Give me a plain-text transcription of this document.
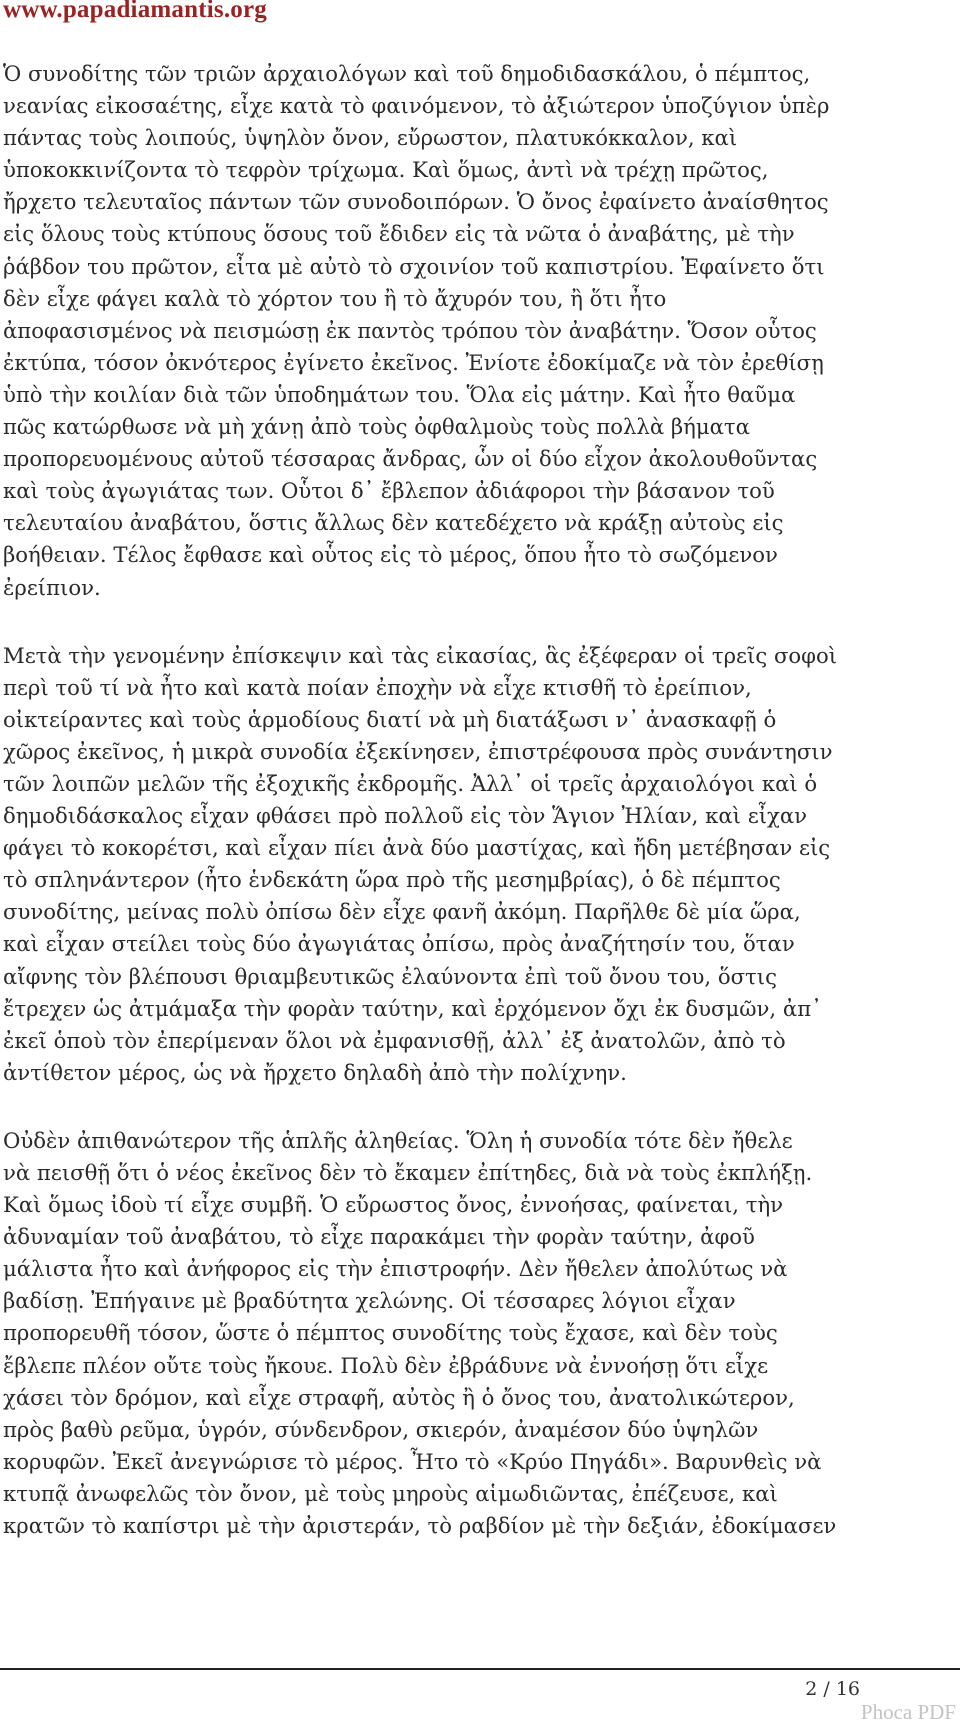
www.papadiamantis.org

Ὁ συνοδίτης τῶν τριῶν ἀρχαιολόγων καὶ τοῦ δημοδιδασκάλου, ὁ πέμπτος,
νεανίας εἰκοσαέτης, εἶχε κατὰ τὸ φαινόμενον, τὸ ἀξιώτερον ὑποζύγιον ὑπὲρ
πάντας τοὺς λοιπούς, ὑψηλὸν ὄνον, εὔρωστον, πλατυκόκκαλον, καὶ
ὑποκοκκινίζοντα τὸ τεφρὸν τρίχωμα. Καὶ ὅμως, ἀντὶ νὰ τρέχῃ πρῶτος,
ἤρχετο τελευταῖος πάντων τῶν συνοδοιπόρων. Ὁ ὄνος ἐφαίνετο ἀναίσθητος
εἰς ὅλους τοὺς κτύπους ὅσους τοῦ ἔδιδεν εἰς τὰ νῶτα ὁ ἀναβάτης, μὲ τὴν
ῥάβδον του πρῶτον, εἶτα μὲ αὐτὸ τὸ σχοινίον τοῦ καπιστρίου. Ἐφαίνετο ὅτι
δὲν εἶχε φάγει καλὰ τὸ χόρτον του ἢ τὸ ἄχυρόν του, ἢ ὅτι ἦτο
ἀποφασισμένος νὰ πεισμώσῃ ἐκ παντὸς τρόπου τὸν ἀναβάτην. Ὅσον οὗτος
ἐκτύπα, τόσον ὀκνότερος ἐγίνετο ἐκεῖνος. Ἐνίοτε ἐδοκίμαζε νὰ τὸν ἐρεθίσῃ
ὑπὸ τὴν κοιλίαν διὰ τῶν ὑποδημάτων του. Ὅλα εἰς μάτην. Καὶ ἦτο θαῦμα
πῶς κατώρθωσε νὰ μὴ χάνῃ ἀπὸ τοὺς ὀφθαλμοὺς τοὺς πολλὰ βήματα
προπορευομένους αὐτοῦ τέσσαρας ἄνδρας, ὧν οἱ δύο εἶχον ἀκολουθοῦντας
καὶ τοὺς ἀγωγιάτας των. Οὗτοι δ᾽ ἔβλεπον ἀδιάφοροι τὴν βάσανον τοῦ
τελευταίου ἀναβάτου, ὅστις ἄλλως δὲν κατεδέχετο νὰ κράξῃ αὐτοὺς εἰς
βοήθειαν. Τέλος ἔφθασε καὶ οὗτος εἰς τὸ μέρος, ὅπου ἦτο τὸ σωζόμενον
ἐρείπιον.

Μετὰ τὴν γενομένην ἐπίσκεψιν καὶ τὰς εἰκασίας, ἃς ἐξέφεραν οἱ τρεῖς σοφοὶ
περὶ τοῦ τί νὰ ἦτο καὶ κατὰ ποίαν ἐποχὴν νὰ εἶχε κτισθῆ τὸ ἐρείπιον,
οἰκτείραντες καὶ τοὺς ἁρμοδίους διατί νὰ μὴ διατάξωσι ν᾽ ἀνασκαφῇ ὁ
χῶρος ἐκεῖνος, ἡ μικρὰ συνοδία ἐξεκίνησεν, ἐπιστρέφουσα πρὸς συνάντησιν
τῶν λοιπῶν μελῶν τῆς ἐξοχικῆς ἐκδρομῆς. Ἀλλ᾽ οἱ τρεῖς ἀρχαιολόγοι καὶ ὁ
δημοδιδάσκαλος εἶχαν φθάσει πρὸ πολλοῦ εἰς τὸν Ἅγιον Ἠλίαν, καὶ εἶχαν
φάγει τὸ κοκορέτσι, καὶ εἶχαν πίει ἀνὰ δύο μαστίχας, καὶ ἤδη μετέβησαν εἰς
τὸ σπληνάντερον (ἦτο ἑνδεκάτη ὥρα πρὸ τῆς μεσημβρίας), ὁ δὲ πέμπτος
συνοδίτης, μείνας πολὺ ὀπίσω δὲν εἶχε φανῆ ἀκόμη. Παρῆλθε δὲ μία ὥρα,
καὶ εἶχαν στείλει τοὺς δύο ἀγωγιάτας ὀπίσω, πρὸς ἀναζήτησίν του, ὅταν
αἴφνης τὸν βλέπουσι θριαμβευτικῶς ἐλαύνοντα ἐπὶ τοῦ ὄνου του, ὅστις
ἔτρεχεν ὡς ἀτμάμαξα τὴν φορὰν ταύτην, καὶ ἐρχόμενον ὄχι ἐκ δυσμῶν, ἀπ᾽
ἐκεῖ ὁποὺ τὸν ἐπερίμεναν ὅλοι νὰ ἐμφανισθῇ, ἀλλ᾽ ἐξ ἀνατολῶν, ἀπὸ τὸ
ἀντίθετον μέρος, ὡς νὰ ἤρχετο δηλαδὴ ἀπὸ τὴν πολίχνην.

Οὐδὲν ἀπιθανώτερον τῆς ἁπλῆς ἀληθείας. Ὅλη ἡ συνοδία τότε δὲν ἤθελε
νὰ πεισθῇ ὅτι ὁ νέος ἐκεῖνος δὲν τὸ ἔκαμεν ἐπίτηδες, διὰ νὰ τοὺς ἐκπλήξῃ.
Καὶ ὅμως ἰδοὺ τί εἶχε συμβῆ. Ὁ εὔρωστος ὄνος, ἐννοήσας, φαίνεται, τὴν
ἀδυναμίαν τοῦ ἀναβάτου, τὸ εἶχε παρακάμει τὴν φορὰν ταύτην, ἀφοῦ
μάλιστα ἦτο καὶ ἀνήφορος εἰς τὴν ἐπιστροφήν. Δὲν ἤθελεν ἀπολύτως νὰ
βαδίσῃ. Ἐπήγαινε μὲ βραδύτητα χελώνης. Οἱ τέσσαρες λόγιοι εἶχαν
προπορευθῆ τόσον, ὥστε ὁ πέμπτος συνοδίτης τοὺς ἔχασε, καὶ δὲν τοὺς
ἔβλεπε πλέον οὔτε τοὺς ἤκουε. Πολὺ δὲν ἐβράδυνε νὰ ἐννοήσῃ ὅτι εἶχε
χάσει τὸν δρόμον, καὶ εἶχε στραφῆ, αὐτὸς ἢ ὁ ὄνος του, ἀνατολικώτερον,
πρὸς βαθὺ ρεῦμα, ὑγρόν, σύνδενδρον, σκιερόν, ἀναμέσον δύο ὑψηλῶν
κορυφῶν. Ἐκεῖ ἀνεγνώρισε τὸ μέρος. Ἦτο τὸ «Κρύο Πηγάδι». Βαρυνθεὶς νὰ
κτυπᾷ ἀνωφελῶς τὸν ὄνον, μὲ τοὺς μηροὺς αἱμωδιῶντας, ἐπέζευσε, καὶ
κρατῶν τὸ καπίστρι μὲ τὴν ἀριστεράν, τὸ ραβδίον μὲ τὴν δεξιάν, ἐδοκίμασεν

2 / 16
Phoca PDF
